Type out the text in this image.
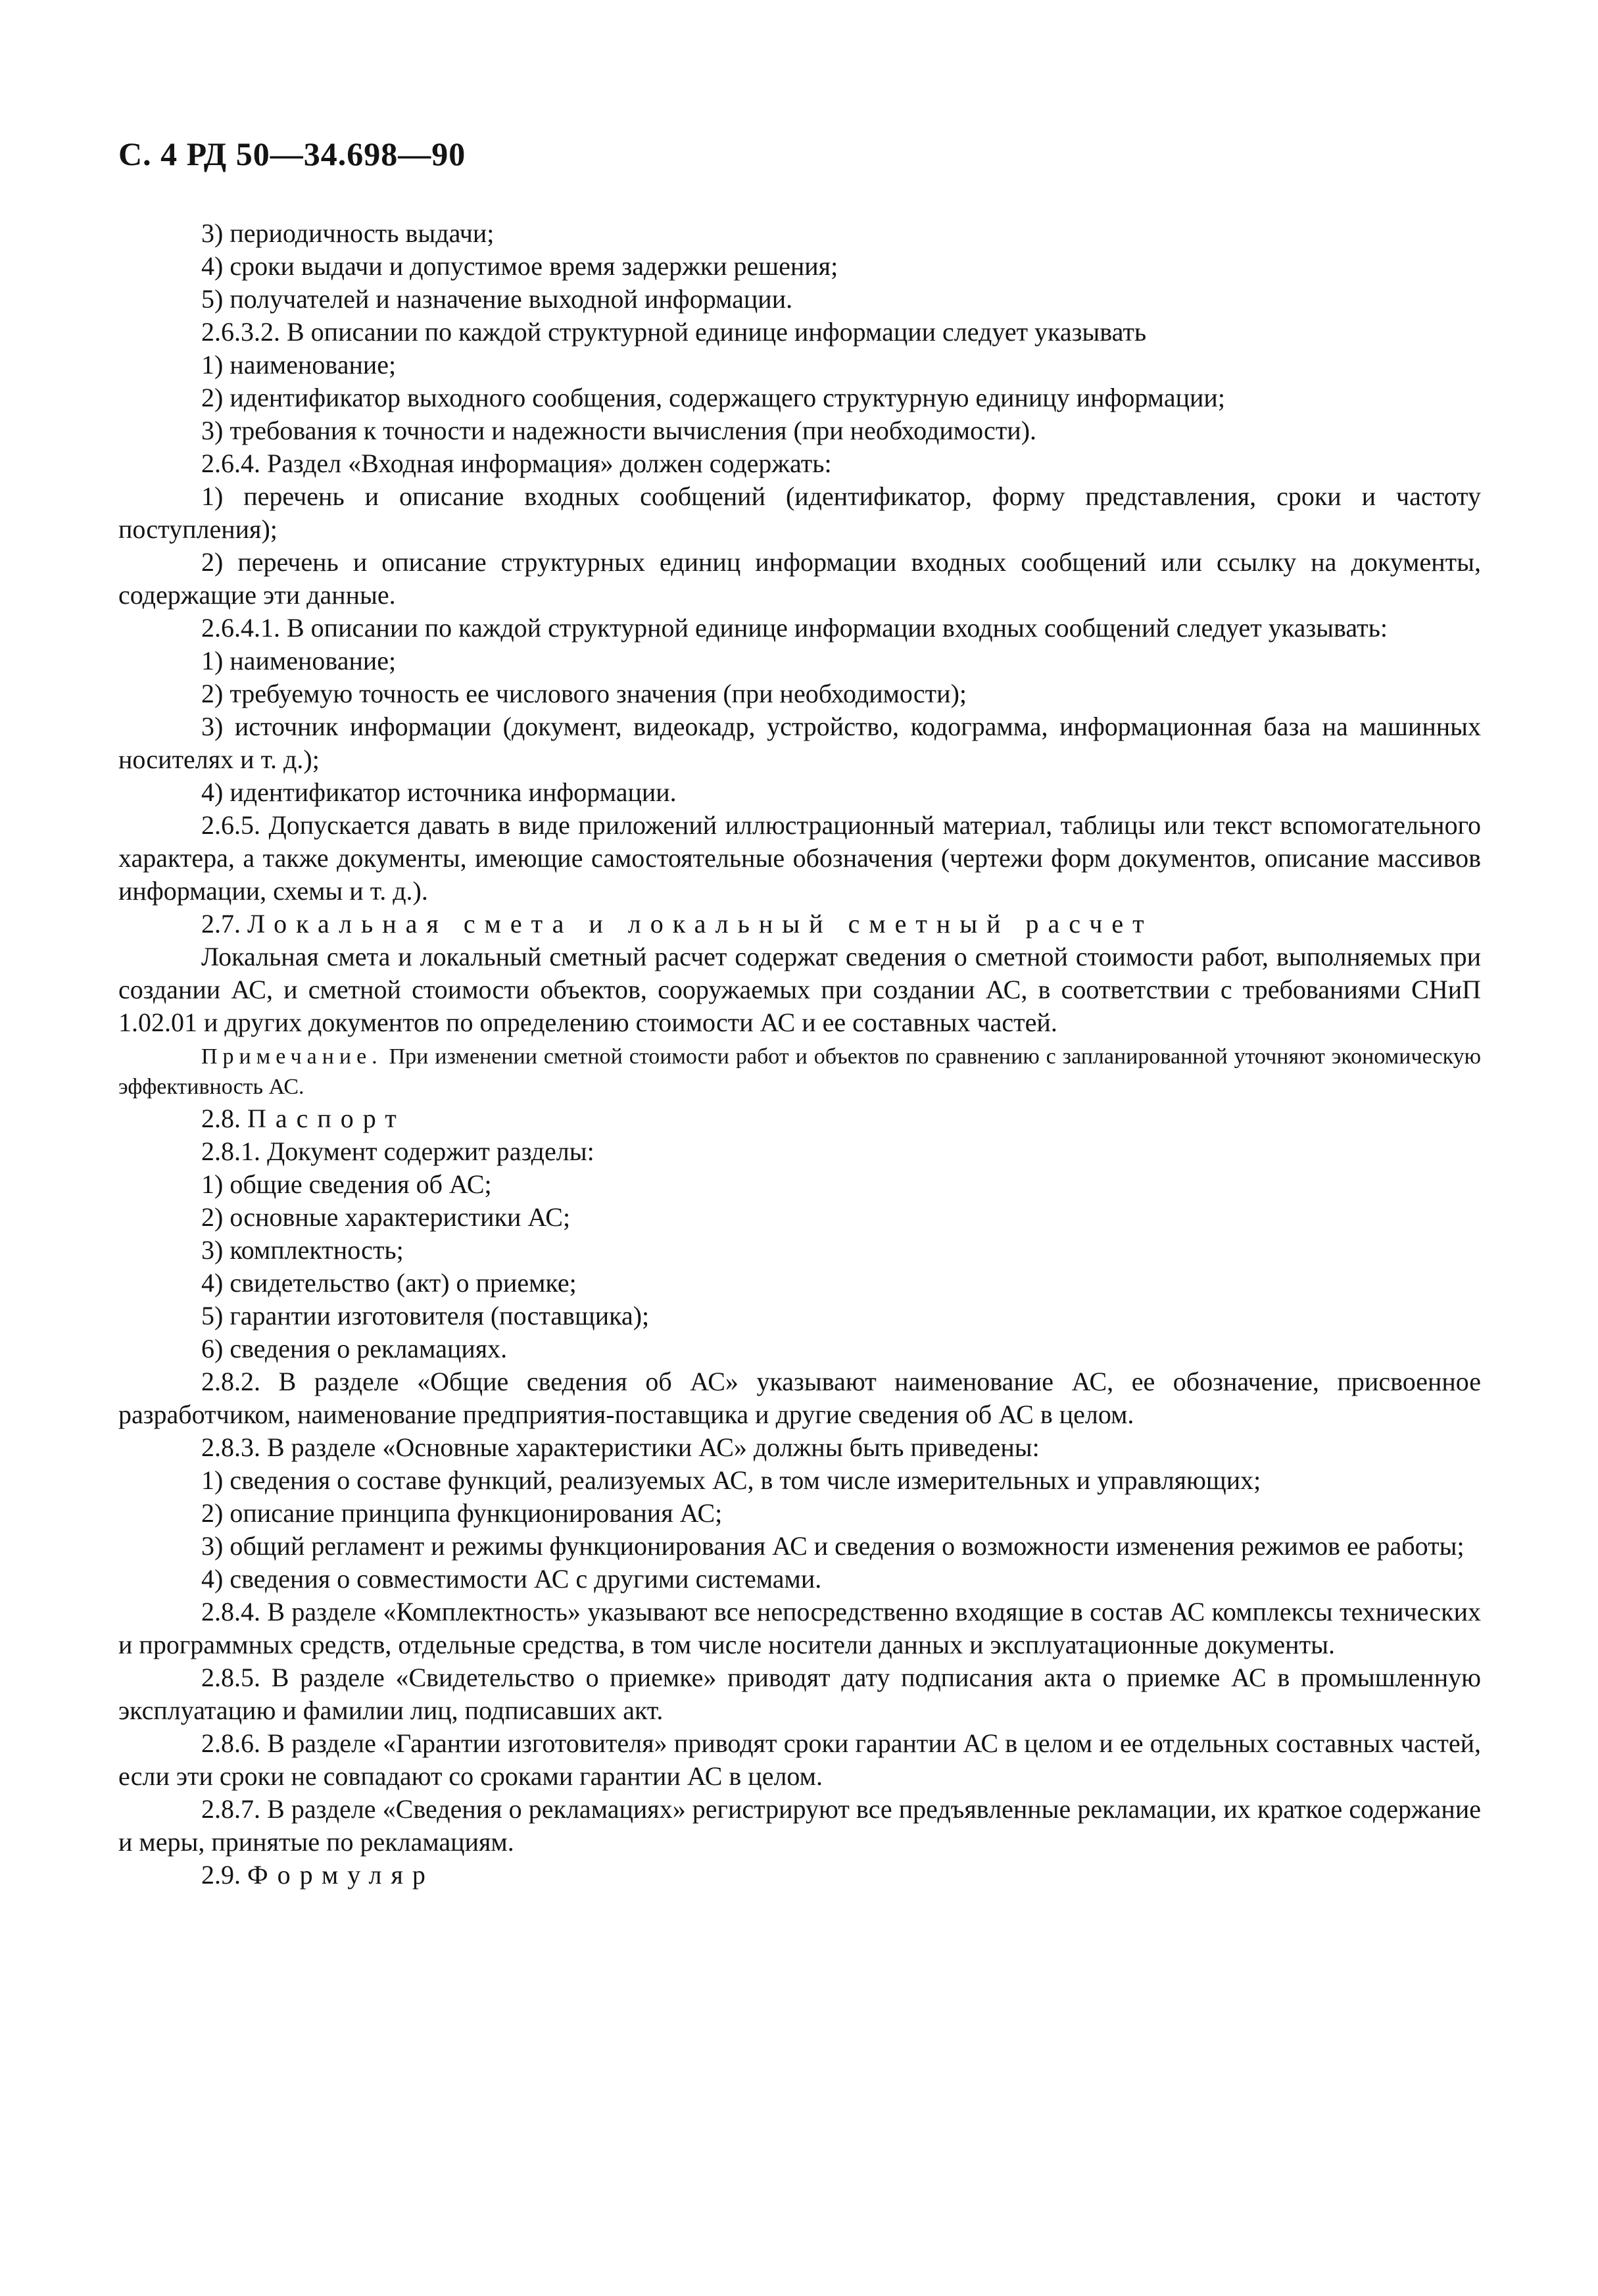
С. 4 РД 50—34.698—90

3) периодичность выдачи;

4) сроки выдачи и допустимое время задержки решения;

5) получателей и назначение выходной информации.

2.6.3.2. В описании по каждой структурной единице информации следует указывать

1) наименование;

2) идентификатор выходного сообщения, содержащего структурную единицу информации;

3) требования к точности и надежности вычисления (при необходимости).

2.6.4. Раздел «Входная информация» должен содержать:

1) перечень и описание входных сообщений (идентификатор, форму представления, сроки и частоту поступления);

2) перечень и описание структурных единиц информации входных сообщений или ссылку на документы, содержащие эти данные.

2.6.4.1. В описании по каждой структурной единице информации входных сообщений следует указывать:

1) наименование;

2) требуемую точность ее числового значения (при необходимости);

3) источник информации (документ, видеокадр, устройство, кодограмма, информационная база на машинных носителях и т. д.);

4) идентификатор источника информации.

2.6.5. Допускается давать в виде приложений иллюстрационный материал, таблицы или текст вспомогательного характера, а также документы, имеющие самостоятельные обозначения (чертежи форм документов, описание массивов информации, схемы и т. д.).

2.7. Локальная смета и локальный сметный расчет

Локальная смета и локальный сметный расчет содержат сведения о сметной стоимости работ, выполняемых при создании АС, и сметной стоимости объектов, сооружаемых при создании АС, в соответствии с требованиями СНиП 1.02.01 и других документов по определению стоимости АС и ее составных частей.

Примечание. При изменении сметной стоимости работ и объектов по сравнению с запланированной уточняют экономическую эффективность АС.

2.8. Паспорт

2.8.1. Документ содержит разделы:

1) общие сведения об АС;

2) основные характеристики АС;

3) комплектность;

4) свидетельство (акт) о приемке;

5) гарантии изготовителя (поставщика);

6) сведения о рекламациях.

2.8.2. В разделе «Общие сведения об АС» указывают наименование АС, ее обозначение, присвоенное разработчиком, наименование предприятия-поставщика и другие сведения об АС в целом.

2.8.3. В разделе «Основные характеристики АС» должны быть приведены:

1) сведения о составе функций, реализуемых АС, в том числе измерительных и управляющих;

2) описание принципа функционирования АС;

3) общий регламент и режимы функционирования АС и сведения о возможности изменения режимов ее работы;

4) сведения о совместимости АС с другими системами.

2.8.4. В разделе «Комплектность» указывают все непосредственно входящие в состав АС комплексы технических и программных средств, отдельные средства, в том числе носители данных и эксплуатационные документы.

2.8.5. В разделе «Свидетельство о приемке» приводят дату подписания акта о приемке АС в промышленную эксплуатацию и фамилии лиц, подписавших акт.

2.8.6. В разделе «Гарантии изготовителя» приводят сроки гарантии АС в целом и ее отдельных составных частей, если эти сроки не совпадают со сроками гарантии АС в целом.

2.8.7. В разделе «Сведения о рекламациях» регистрируют все предъявленные рекламации, их краткое содержание и меры, принятые по рекламациям.

2.9. Формуляр
